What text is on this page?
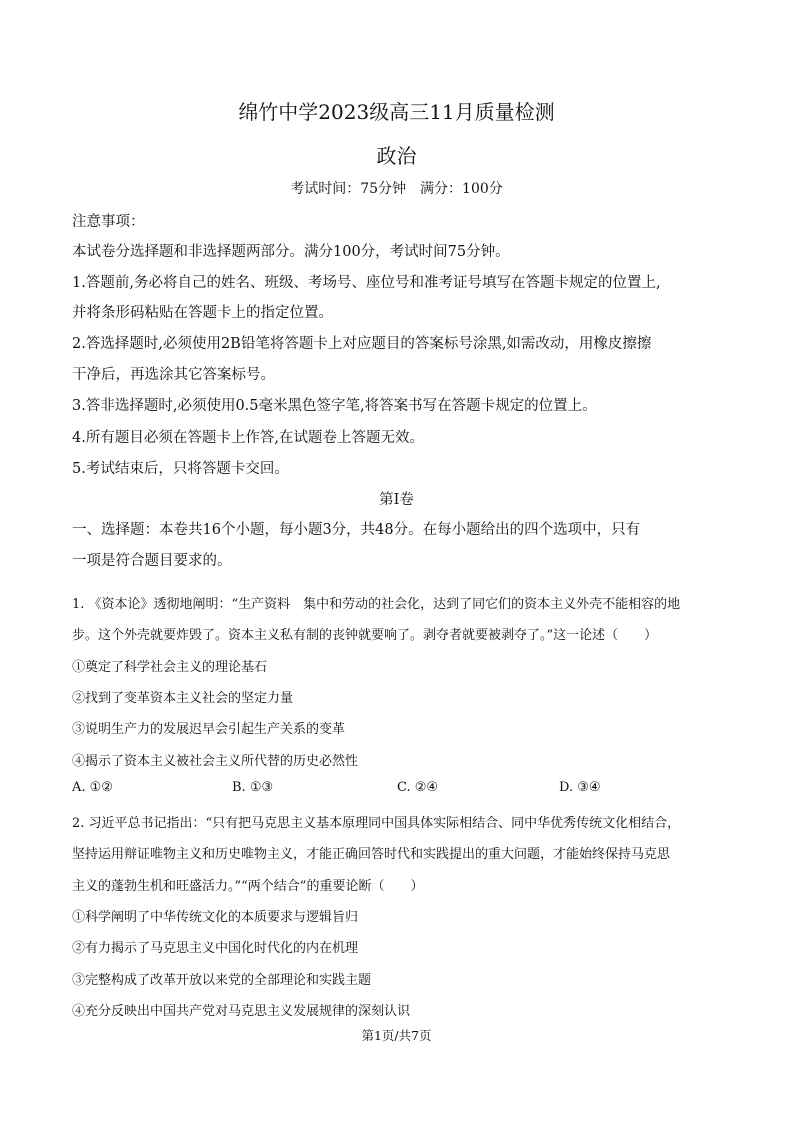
绵竹中学2023级高三11月质量检测
政治
考试时间：75分钟　满分：100分
注意事项：
本试卷分选择题和非选择题两部分。满分100分，考试时间75分钟。
1.答题前,务必将自己的姓名、班级、考场号、座位号和准考证号填写在答题卡规定的位置上,
并将条形码粘贴在答题卡上的指定位置。
2.答选择题时,必须使用2B铅笔将答题卡上对应题目的答案标号涂黑,如需改动，用橡皮擦擦
干净后，再选涂其它答案标号。
3.答非选择题时,必须使用0.5毫米黑色签字笔,将答案书写在答题卡规定的位置上。
4.所有题目必须在答题卡上作答,在试题卷上答题无效。
5.考试结束后，只将答题卡交回。
第Ⅰ卷
一、选择题：本卷共16个小题，每小题3分，共48分。在每小题给出的四个选项中，只有
一项是符合题目要求的。
1. 《资本论》透彻地阐明：“生产资料　集中和劳动的社会化，达到了同它们的资本主义外壳不能相容的地
步。这个外壳就要炸毁了。资本主义私有制的丧钟就要响了。剥夺者就要被剥夺了。”这一论述（　　）
①奠定了科学社会主义的理论基石
②找到了变革资本主义社会的坚定力量
③说明生产力的发展迟早会引起生产关系的变革
④揭示了资本主义被社会主义所代替的历史必然性
A. ①②	B. ①③	C. ②④	D. ③④
2. 习近平总书记指出：“只有把马克思主义基本原理同中国具体实际相结合、同中华优秀传统文化相结合，
坚持运用辩证唯物主义和历史唯物主义，才能正确回答时代和实践提出的重大问题，才能始终保持马克思
主义的蓬勃生机和旺盛活力。”“两个结合”的重要论断（　　）
①科学阐明了中华传统文化的本质要求与逻辑旨归
②有力揭示了马克思主义中国化时代化的内在机理
③完整构成了改革开放以来党的全部理论和实践主题
④充分反映出中国共产党对马克思主义发展规律的深刻认识
第1页/共7页
